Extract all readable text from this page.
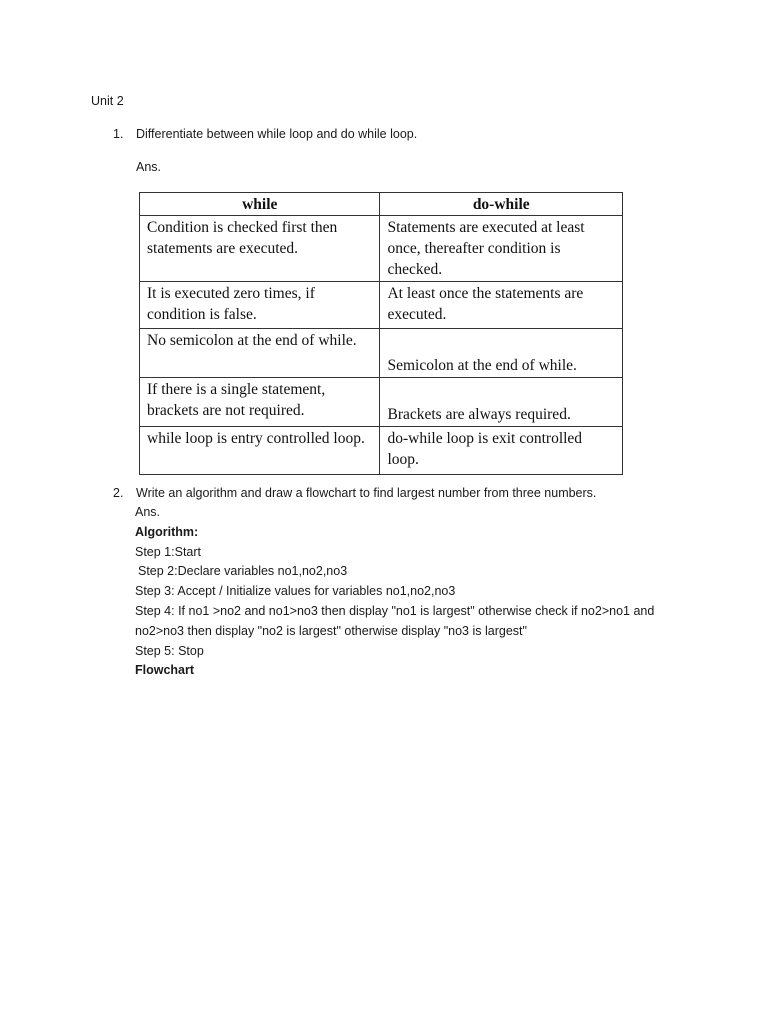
Unit 2
1. Differentiate between while loop and do while loop.
Ans.
while	do-while
Condition is checked first then statements are executed.	Statements are executed at least once, thereafter condition is checked.
It is executed zero times, if condition is false.	At least once the statements are executed.
No semicolon at the end of while.	Semicolon at the end of while.
If there is a single statement, brackets are not required.	Brackets are always required.
while loop is entry controlled loop.	do-while loop is exit controlled loop.
2. Write an algorithm and draw a flowchart to find largest number from three numbers.
Ans.
Algorithm:
Step 1:Start
Step 2:Declare variables no1,no2,no3
Step 3: Accept / Initialize values for variables no1,no2,no3
Step 4: If no1 >no2 and no1>no3 then display "no1 is largest" otherwise check if no2>no1 and
no2>no3 then display "no2 is largest" otherwise display "no3 is largest"
Step 5: Stop
Flowchart
